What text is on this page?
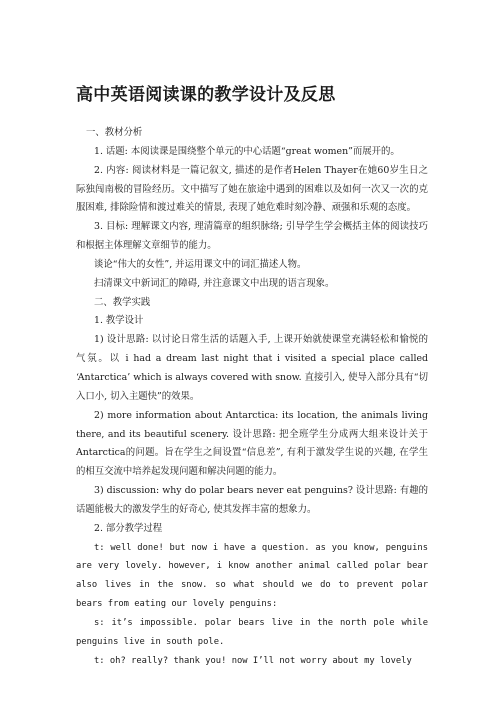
高中英语阅读课的教学设计及反思

一、教材分析

1. 话题: 本阅读课是围绕整个单元的中心话题“great women”而展开的。

2. 内容: 阅读材料是一篇记叙文, 描述的是作者Helen Thayer在她60岁生日之际独闯南极的冒险经历。文中描写了她在旅途中遇到的困难以及如何一次又一次的克服困难, 排除险情和渡过难关的情景, 表现了她危难时刻冷静、顽强和乐观的态度。

3. 目标: 理解课文内容, 理清篇章的组织脉络; 引导学生学会概括主体的阅读技巧和根据主体理解文章细节的能力。

谈论“伟大的女性”, 并运用课文中的词汇描述人物。

扫清课文中新词汇的障碍, 并注意课文中出现的语言现象。

二、教学实践

1. 教学设计

1) 设计思路: 以讨论日常生活的话题入手, 上课开始就使课堂充满轻松和愉悦的气氛。以 i had a dream last night that i visited a special place called ‘Antarctica’ which is always covered with snow. 直接引入, 使导入部分具有“切入口小, 切入主题快”的效果。

2) more information about Antarctica: its location, the animals living there, and its beautiful scenery. 设计思路: 把全班学生分成两大组来设计关于Antarctica的问题。旨在学生之间设置“信息差”, 有利于激发学生说的兴趣, 在学生的相互交流中培养起发现问题和解决问题的能力。

3) discussion: why do polar bears never eat penguins? 设计思路: 有趣的话题能极大的激发学生的好奇心, 使其发挥丰富的想象力。

2. 部分教学过程

t: well done! but now i have a question. as you know, penguins are very lovely. however, i know another animal called polar bear also lives in the snow. so what should we do to prevent polar bears from eating our lovely penguins:

s: it’s impossible. polar bears live in the north pole while penguins live in south pole.

t: oh? really? thank you! now I’ll not worry about my lovely
